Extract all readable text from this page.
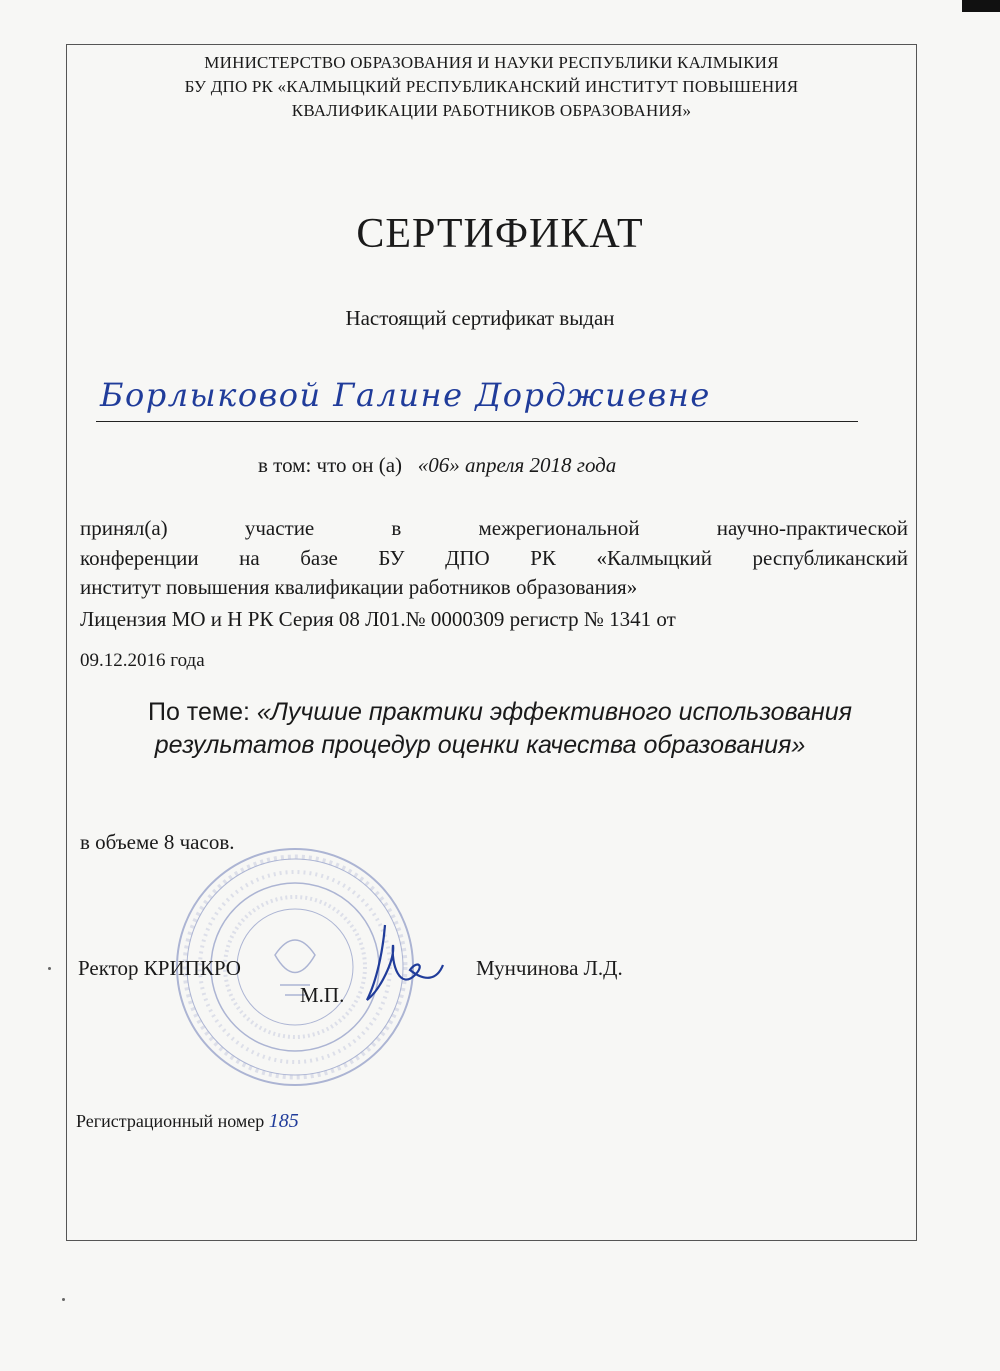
МИНИСТЕРСТВО ОБРАЗОВАНИЯ И НАУКИ РЕСПУБЛИКИ КАЛМЫКИЯ
БУ ДПО РК «КАЛМЫЦКИЙ РЕСПУБЛИКАНСКИЙ ИНСТИТУТ ПОВЫШЕНИЯ
КВАЛИФИКАЦИИ РАБОТНИКОВ ОБРАЗОВАНИЯ»
СЕРТИФИКАТ
Настоящий сертификат выдан
Борлыковой Галине Дорджиевне
в том: что он (а) «06» апреля 2018 года
принял(а) участие в межрегиональной научно-практической
конференции на базе БУ ДПО РК «Калмыцкий республиканский
институт повышения квалификации работников образования»
Лицензия МО и Н РК Серия 08 Л01.№ 0000309 регистр № 1341 от
09.12.2016 года
По теме: «Лучшие практики эффективного использования
результатов процедур оценки качества образования»
в объеме 8 часов.
Ректор КРИПКРО
М.П.
Мунчинова Л.Д.
Регистрационный номер 185
